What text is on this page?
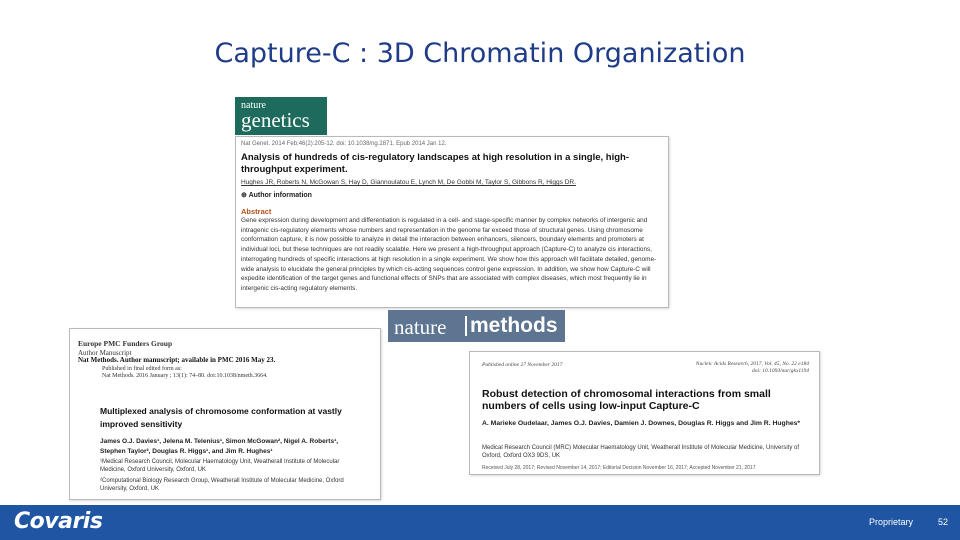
Capture-C : 3D Chromatin Organization
nature
genetics
Nat Genet. 2014 Feb;46(2):205-12. doi: 10.1038/ng.2871. Epub 2014 Jan 12.
Analysis of hundreds of cis-regulatory landscapes at high resolution in a single, high-throughput experiment.
Hughes JR, Roberts N, McGowan S, Hay D, Giannoulatou E, Lynch M, De Gobbi M, Taylor S, Gibbons R, Higgs DR.
⊕ Author information
Abstract
Gene expression during development and differentiation is regulated in a cell- and stage-specific manner by complex networks of intergenic and intragenic cis-regulatory elements whose numbers and representation in the genome far exceed those of structural genes. Using chromosome conformation capture, it is now possible to analyze in detail the interaction between enhancers, silencers, boundary elements and promoters at individual loci, but these techniques are not readily scalable. Here we present a high-throughput approach (Capture-C) to analyze cis interactions, interrogating hundreds of specific interactions at high resolution in a single experiment. We show how this approach will facilitate detailed, genome-wide analysis to elucidate the general principles by which cis-acting sequences control gene expression. In addition, we show how Capture-C will expedite identification of the target genes and functional effects of SNPs that are associated with complex diseases, which most frequently lie in intergenic cis-acting regulatory elements.
nature methods
Europe PMC Funders Group
Author Manuscript
Nat Methods. Author manuscript; available in PMC 2016 May 23.
Published in final edited form as:
Nat Methods. 2016 January ; 13(1): 74–80. doi:10.1038/nmeth.3664.
Multiplexed analysis of chromosome conformation at vastly improved sensitivity
James O.J. Davies¹, Jelena M. Telenius¹, Simon McGowan², Nigel A. Roberts¹, Stephen Taylor², Douglas R. Higgs¹, and Jim R. Hughes¹
¹Medical Research Council, Molecular Haematology Unit, Weatherall Institute of Molecular Medicine, Oxford University, Oxford, UK
²Computational Biology Research Group, Weatherall Institute of Molecular Medicine, Oxford University, Oxford, UK
Published online 27 November 2017	Nucleic Acids Research, 2017, Vol. 45, No. 22 e184
doi: 10.1093/nar/gkx1194
Robust detection of chromosomal interactions from small numbers of cells using low-input Capture-C
A. Marieke Oudelaar, James O.J. Davies, Damien J. Downes, Douglas R. Higgs and Jim R. Hughes*
Medical Research Council (MRC) Molecular Haematology Unit, Weatherall Institute of Molecular Medicine, University of Oxford, Oxford OX3 9DS, UK
Received July 28, 2017; Revised November 14, 2017; Editorial Decision November 16, 2017; Accepted November 21, 2017
Covaris	Proprietary	52
